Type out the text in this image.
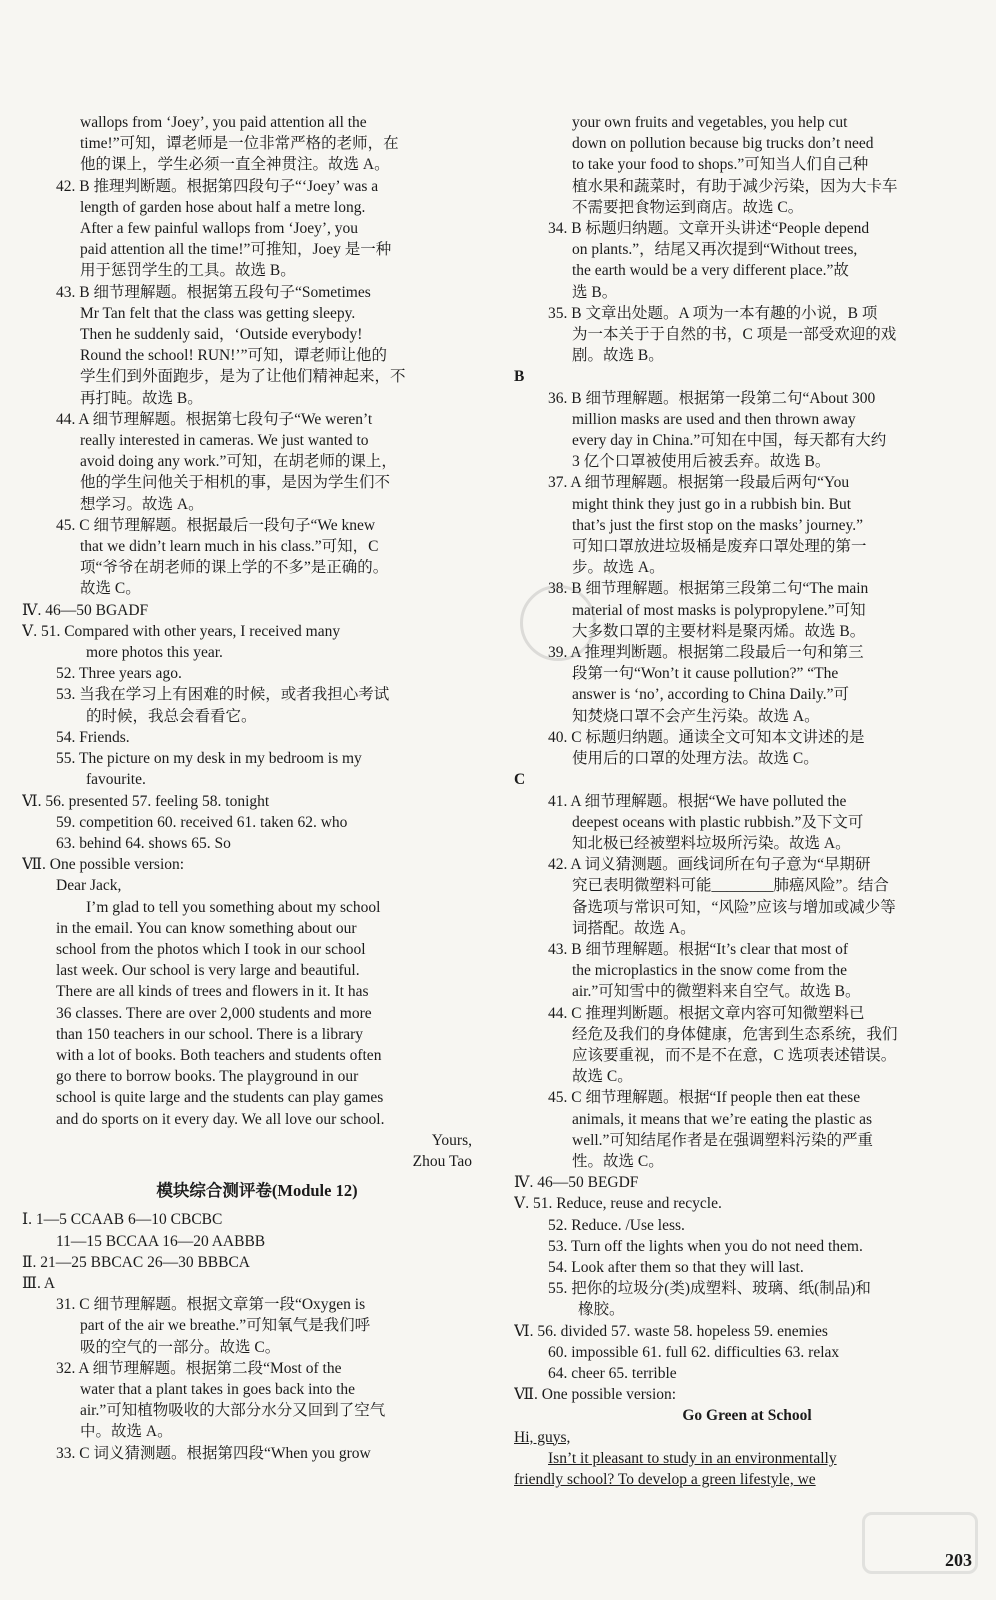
wallops from ‘Joey’, you paid attention all the
time!”可知，谭老师是一位非常严格的老师，在
他的课上，学生必须一直全神贯注。故选 A。
42. B 推理判断题。根据第四段句子“‘Joey’ was a
length of garden hose about half a metre long.
After a few painful wallops from ‘Joey’, you
paid attention all the time!”可推知，Joey 是一种
用于惩罚学生的工具。故选 B。
43. B 细节理解题。根据第五段句子“Sometimes
Mr Tan felt that the class was getting sleepy.
Then he suddenly said，‘Outside everybody!
Round the school! RUN!’”可知，谭老师让他的
学生们到外面跑步，是为了让他们精神起来，不
再打盹。故选 B。
44. A 细节理解题。根据第七段句子“We weren’t
really interested in cameras. We just wanted to
avoid doing any work.”可知，在胡老师的课上，
他的学生问他关于相机的事，是因为学生们不
想学习。故选 A。
45. C 细节理解题。根据最后一段句子“We knew
that we didn’t learn much in his class.”可知，C
项“爷爷在胡老师的课上学的不多”是正确的。
故选 C。
Ⅳ. 46—50 BGADF
Ⅴ. 51. Compared with other years, I received many
more photos this year.
52. Three years ago.
53. 当我在学习上有困难的时候，或者我担心考试
的时候，我总会看看它。
54. Friends.
55. The picture on my desk in my bedroom is my
favourite.
Ⅵ. 56. presented 57. feeling 58. tonight
59. competition 60. received 61. taken 62. who
63. behind 64. shows 65. So
Ⅶ. One possible version:
Dear Jack,
I’m glad to tell you something about my school
in the email. You can know something about our
school from the photos which I took in our school
last week. Our school is very large and beautiful.
There are all kinds of trees and flowers in it. It has
36 classes. There are over 2,000 students and more
than 150 teachers in our school. There is a library
with a lot of books. Both teachers and students often
go there to borrow books. The playground in our
school is quite large and the students can play games
and do sports on it every day. We all love our school.
Yours,
Zhou Tao
模块综合测评卷(Module 12)
Ⅰ. 1—5 CCAAB 6—10 CBCBC
11—15 BCCAA 16—20 AABBB
Ⅱ. 21—25 BBCAC 26—30 BBBCA
Ⅲ. A
31. C 细节理解题。根据文章第一段“Oxygen is
part of the air we breathe.”可知氧气是我们呼
吸的空气的一部分。故选 C。
32. A 细节理解题。根据第二段“Most of the
water that a plant takes in goes back into the
air.”可知植物吸收的大部分水分又回到了空气
中。故选 A。
33. C 词义猜测题。根据第四段“When you grow
your own fruits and vegetables, you help cut
down on pollution because big trucks don’t need
to take your food to shops.”可知当人们自己种
植水果和蔬菜时，有助于减少污染，因为大卡车
不需要把食物运到商店。故选 C。
34. B 标题归纳题。文章开头讲述“People depend
on plants.”，结尾又再次提到“Without trees,
the earth would be a very different place.”故
选 B。
35. B 文章出处题。A 项为一本有趣的小说，B 项
为一本关于于自然的书，C 项是一部受欢迎的戏
剧。故选 B。
B
36. B 细节理解题。根据第一段第二句“About 300
million masks are used and then thrown away
every day in China.”可知在中国，每天都有大约
3 亿个口罩被使用后被丢弃。故选 B。
37. A 细节理解题。根据第一段最后两句“You
might think they just go in a rubbish bin. But
that’s just the first stop on the masks’ journey.”
可知口罩放进垃圾桶是废弃口罩处理的第一
步。故选 A。
38. B 细节理解题。根据第三段第二句“The main
material of most masks is polypropylene.”可知
大多数口罩的主要材料是聚丙烯。故选 B。
39. A 推理判断题。根据第二段最后一句和第三
段第一句“Won’t it cause pollution?” “The
answer is ‘no’, according to China Daily.”可
知焚烧口罩不会产生污染。故选 A。
40. C 标题归纳题。通读全文可知本文讲述的是
使用后的口罩的处理方法。故选 C。
C
41. A 细节理解题。根据“We have polluted the
deepest oceans with plastic rubbish.”及下文可
知北极已经被塑料垃圾所污染。故选 A。
42. A 词义猜测题。画线词所在句子意为“早期研
究已表明微塑料可能________肺癌风险”。结合
备选项与常识可知，“风险”应该与增加或减少等
词搭配。故选 A。
43. B 细节理解题。根据“It’s clear that most of
the microplastics in the snow come from the
air.”可知雪中的微塑料来自空气。故选 B。
44. C 推理判断题。根据文章内容可知微塑料已
经危及我们的身体健康，危害到生态系统，我们
应该要重视，而不是不在意，C 选项表述错误。
故选 C。
45. C 细节理解题。根据“If people then eat these
animals, it means that we’re eating the plastic as
well.”可知结尾作者是在强调塑料污染的严重
性。故选 C。
Ⅳ. 46—50 BEGDF
Ⅴ. 51. Reduce, reuse and recycle.
52. Reduce. /Use less.
53. Turn off the lights when you do not need them.
54. Look after them so that they will last.
55. 把你的垃圾分(类)成塑料、玻璃、纸(制品)和
橡胶。
Ⅵ. 56. divided 57. waste 58. hopeless 59. enemies
60. impossible 61. full 62. difficulties 63. relax
64. cheer 65. terrible
Ⅶ. One possible version:
Go Green at School
Hi, guys,
Isn’t it pleasant to study in an environmentally
friendly school? To develop a green lifestyle, we
203
